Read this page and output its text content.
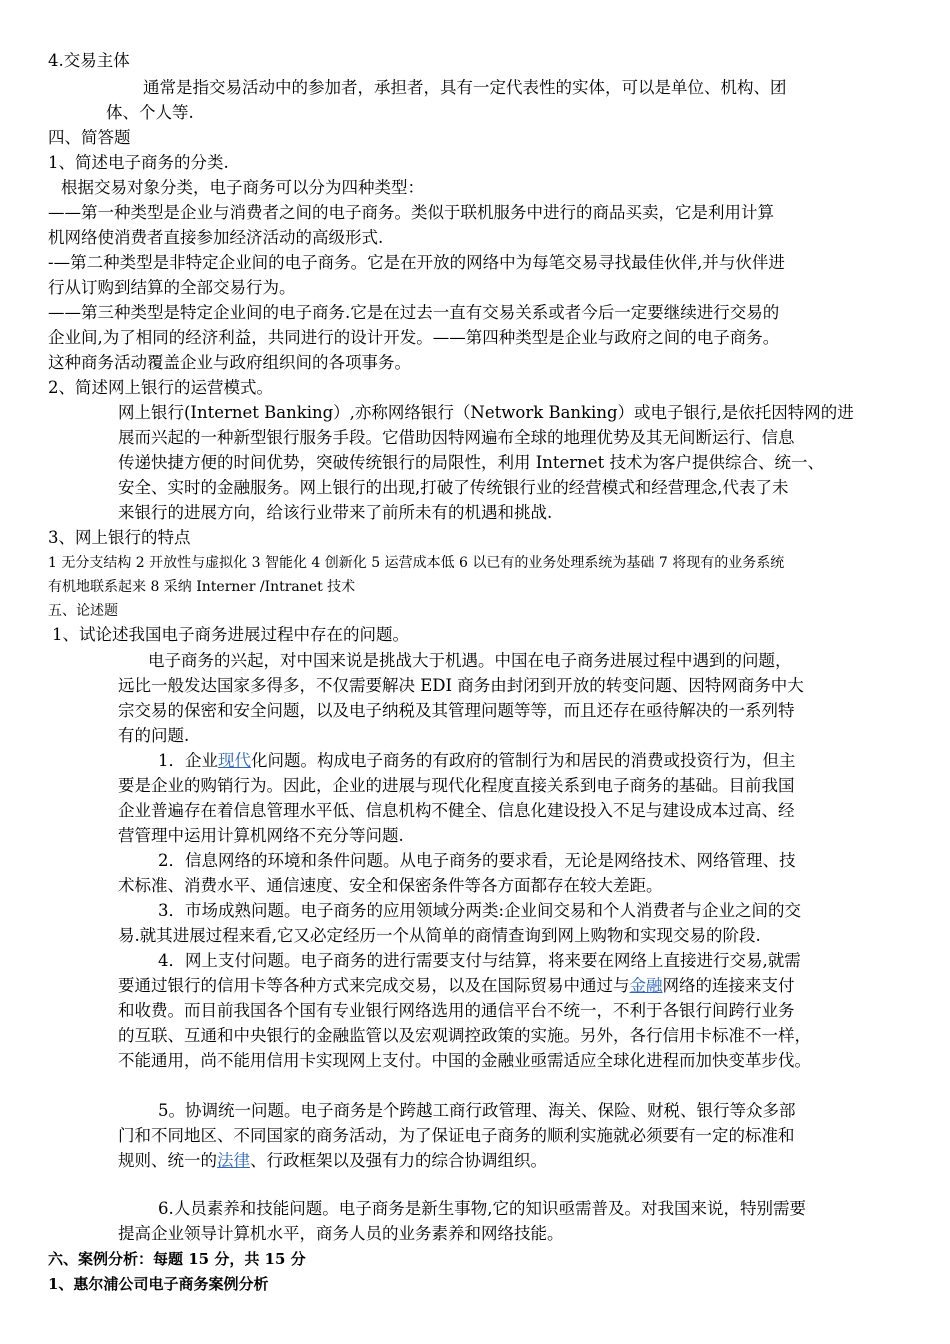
4.交易主体
通常是指交易活动中的参加者，承担者，具有一定代表性的实体，可以是单位、机构、团
体、个人等.
四、简答题
1、简述电子商务的分类.
根据交易对象分类，电子商务可以分为四种类型：
——第一种类型是企业与消费者之间的电子商务。类似于联机服务中进行的商品买卖，它是利用计算
机网络使消费者直接参加经济活动的高级形式.
-—第二种类型是非特定企业间的电子商务。它是在开放的网络中为每笔交易寻找最佳伙伴,并与伙伴进
行从订购到结算的全部交易行为。
——第三种类型是特定企业间的电子商务.它是在过去一直有交易关系或者今后一定要继续进行交易的
企业间,为了相同的经济利益，共同进行的设计开发。——第四种类型是企业与政府之间的电子商务。
这种商务活动覆盖企业与政府组织间的各项事务。
2、简述网上银行的运营模式。
网上银行(Internet Banking）,亦称网络银行（Network Banking）或电子银行,是依托因特网的进
展而兴起的一种新型银行服务手段。它借助因特网遍布全球的地理优势及其无间断运行、信息
传递快捷方便的时间优势，突破传统银行的局限性，利用 Internet 技术为客户提供综合、统一、
安全、实时的金融服务。网上银行的出现,打破了传统银行业的经营模式和经营理念,代表了未
来银行的进展方向，给该行业带来了前所未有的机遇和挑战.
3、网上银行的特点
1 无分支结构 2 开放性与虚拟化 3 智能化 4 创新化 5 运营成本低 6 以已有的业务处理系统为基础 7 将现有的业务系统
有机地联系起来 8 采纳 Interner /Intranet 技术
五、论述题
1、试论述我国电子商务进展过程中存在的问题。
电子商务的兴起，对中国来说是挑战大于机遇。中国在电子商务进展过程中遇到的问题，
远比一般发达国家多得多，不仅需要解决 EDI 商务由封闭到开放的转变问题、因特网商务中大
宗交易的保密和安全问题，以及电子纳税及其管理问题等等，而且还存在亟待解决的一系列特
有的问题.
1．企业现代化问题。构成电子商务的有政府的管制行为和居民的消费或投资行为，但主
要是企业的购销行为。因此，企业的进展与现代化程度直接关系到电子商务的基础。目前我国
企业普遍存在着信息管理水平低、信息机构不健全、信息化建设投入不足与建设成本过高、经
营管理中运用计算机网络不充分等问题.
2．信息网络的环境和条件问题。从电子商务的要求看，无论是网络技术、网络管理、技
术标准、消费水平、通信速度、安全和保密条件等各方面都存在较大差距。
3．市场成熟问题。电子商务的应用领域分两类:企业间交易和个人消费者与企业之间的交
易.就其进展过程来看,它又必定经历一个从简单的商情查询到网上购物和实现交易的阶段.
4．网上支付问题。电子商务的进行需要支付与结算，将来要在网络上直接进行交易,就需
要通过银行的信用卡等各种方式来完成交易，以及在国际贸易中通过与金融网络的连接来支付
和收费。而目前我国各个国有专业银行网络选用的通信平台不统一，不利于各银行间跨行业务
的互联、互通和中央银行的金融监管以及宏观调控政策的实施。另外，各行信用卡标准不一样，
不能通用，尚不能用信用卡实现网上支付。中国的金融业亟需适应全球化进程而加快变革步伐。
5。协调统一问题。电子商务是个跨越工商行政管理、海关、保险、财税、银行等众多部
门和不同地区、不同国家的商务活动，为了保证电子商务的顺利实施就必须要有一定的标准和
规则、统一的法律、行政框架以及强有力的综合协调组织。
6.人员素养和技能问题。电子商务是新生事物,它的知识亟需普及。对我国来说，特别需要
提高企业领导计算机水平，商务人员的业务素养和网络技能。
六、案例分析：每题 15 分，共 15 分
1、惠尔浦公司电子商务案例分析
